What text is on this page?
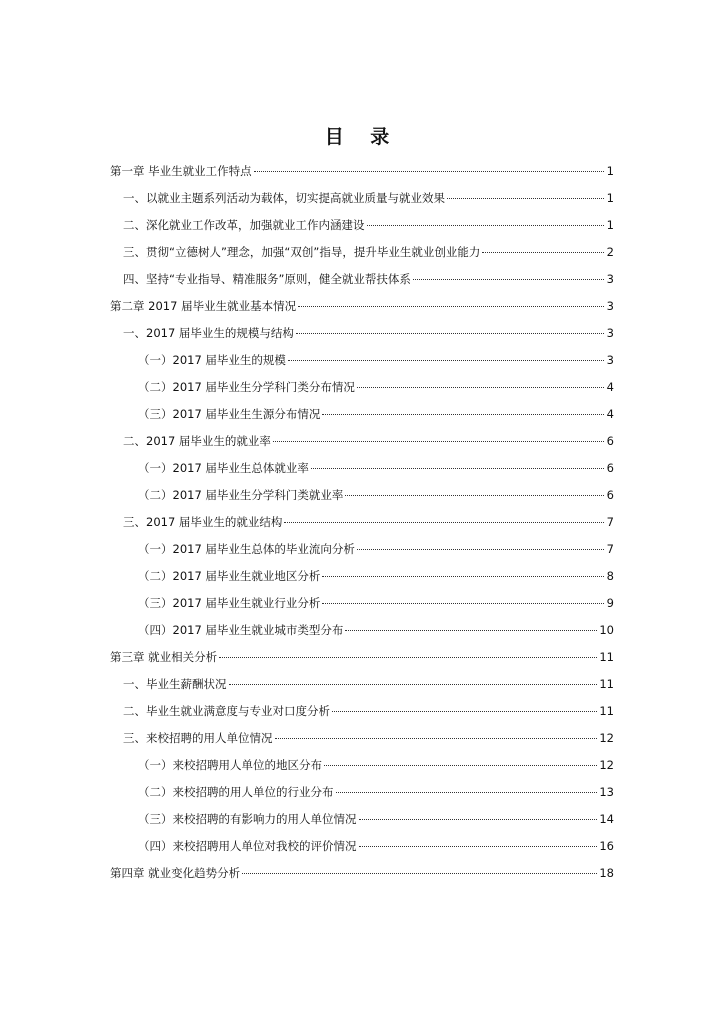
目 录
第一章 毕业生就业工作特点	1
一、以就业主题系列活动为载体，切实提高就业质量与就业效果	1
二、深化就业工作改革，加强就业工作内涵建设	1
三、贯彻“立德树人”理念，加强“双创”指导，提升毕业生就业创业能力	2
四、坚持“专业指导、精准服务”原则，健全就业帮扶体系	3
第二章 2017 届毕业生就业基本情况	3
一、2017 届毕业生的规模与结构	3
（一）2017 届毕业生的规模	3
（二）2017 届毕业生分学科门类分布情况	4
（三）2017 届毕业生生源分布情况	4
二、2017 届毕业生的就业率	6
（一）2017 届毕业生总体就业率	6
（二）2017 届毕业生分学科门类就业率	6
三、2017 届毕业生的就业结构	7
（一）2017 届毕业生总体的毕业流向分析	7
（二）2017 届毕业生就业地区分析	8
（三）2017 届毕业生就业行业分析	9
（四）2017 届毕业生就业城市类型分布	10
第三章 就业相关分析	11
一、毕业生薪酬状况	11
二、毕业生就业满意度与专业对口度分析	11
三、来校招聘的用人单位情况	12
（一）来校招聘用人单位的地区分布	12
（二）来校招聘的用人单位的行业分布	13
（三）来校招聘的有影响力的用人单位情况	14
（四）来校招聘用人单位对我校的评价情况	16
第四章 就业变化趋势分析	18
